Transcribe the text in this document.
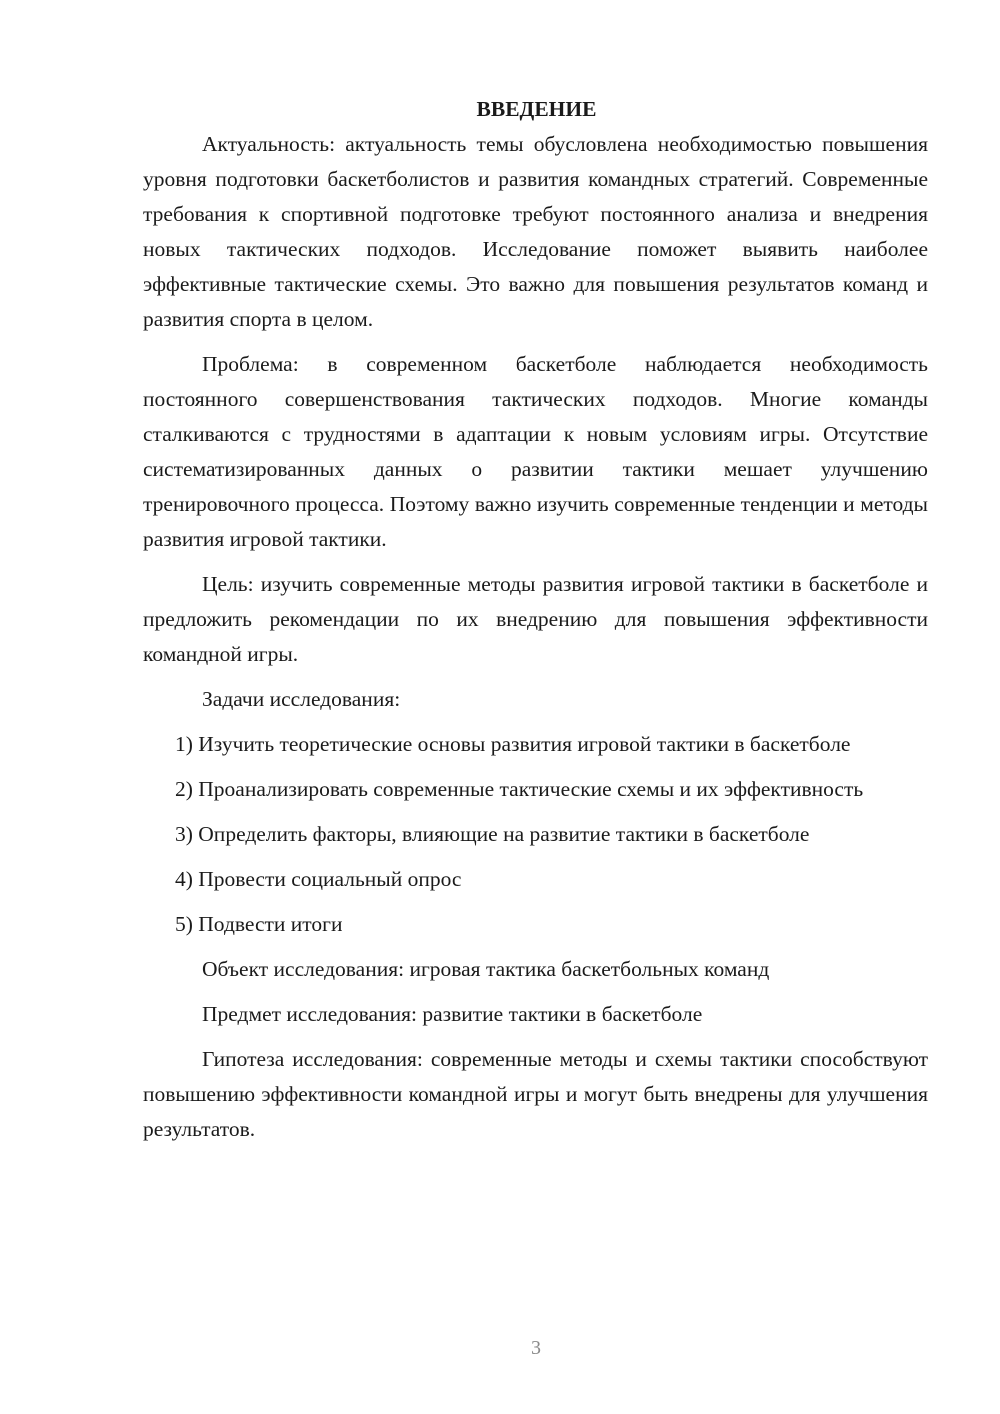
ВВЕДЕНИЕ

Актуальность: актуальность темы обусловлена необходимостью повышения уровня подготовки баскетболистов и развития командных стратегий. Современные требования к спортивной подготовке требуют постоянного анализа и внедрения новых тактических подходов. Исследование поможет выявить наиболее эффективные тактические схемы. Это важно для повышения результатов команд и развития спорта в целом.

Проблема: в современном баскетболе наблюдается необходимость постоянного совершенствования тактических подходов. Многие команды сталкиваются с трудностями в адаптации к новым условиям игры. Отсутствие систематизированных данных о развитии тактики мешает улучшению тренировочного процесса. Поэтому важно изучить современные тенденции и методы развития игровой тактики.

Цель: изучить современные методы развития игровой тактики в баскетболе и предложить рекомендации по их внедрению для повышения эффективности командной игры.

Задачи исследования:

1) Изучить теоретические основы развития игровой тактики в баскетболе

2) Проанализировать современные тактические схемы и их эффективность

3) Определить факторы, влияющие на развитие тактики в баскетболе

4) Провести социальный опрос

5) Подвести итоги

Объект исследования: игровая тактика баскетбольных команд

Предмет исследования: развитие тактики в баскетболе

Гипотеза исследования: современные методы и схемы тактики способствуют повышению эффективности командной игры и могут быть внедрены для улучшения результатов.

3
